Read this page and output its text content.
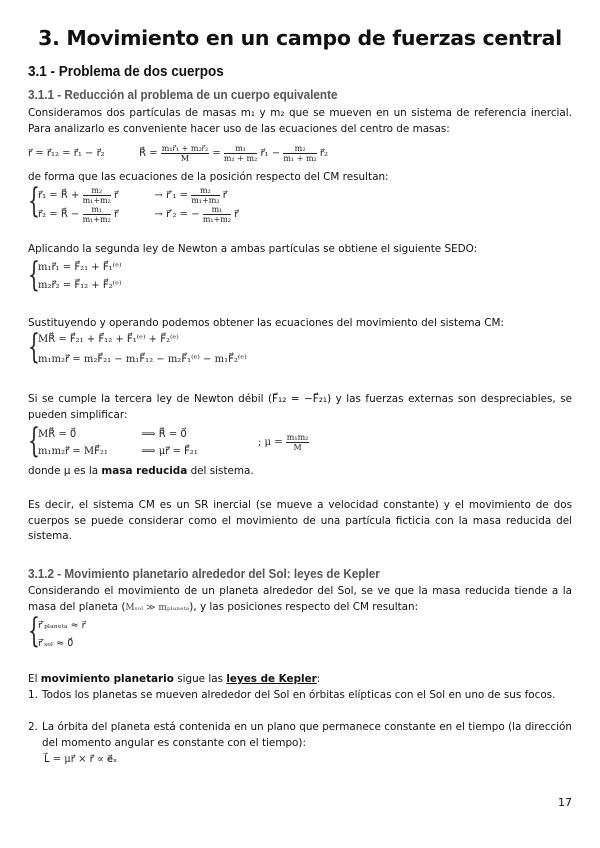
3. Movimiento en un campo de fuerzas central
3.1 - Problema de dos cuerpos
3.1.1 - Reducción al problema de un cuerpo equivalente
Consideramos dos partículas de masas m₁ y m₂ que se mueven en un sistema de referencia inercial. Para analizarlo es conveniente hacer uso de las ecuaciones del centro de masas:
r⃗ = r⃗₁₂ = r⃗₁ − r⃗₂	R⃗ = $\frac{\text{m₁r⃗₁ + m₂r⃗₂}}{M} = \frac{\text{m₁}}{\text{m₁ + m₂}}$ r⃗₁ − $\frac{\text{m₂}}{\text{m₁ + m₂}}$ r⃗₂
de forma que las ecuaciones de la posición respecto del CM resultan:
{
r⃗₁ = R⃗ + $\frac{\text{m₂}}{\text{m₁+m₂}}$ r⃗	→ r⃗′₁ = $\frac{\text{m₂}}{\text{m₁+m₂}}$ r⃗
r⃗₂ = R⃗ − $\frac{\text{m₁}}{\text{m₁+m₂}}$ r⃗	→ r⃗′₂ = − $\frac{\text{m₁}}{\text{m₁+m₂}}$ r⃗
Aplicando la segunda ley de Newton a ambas partículas se obtiene el siguiente SEDO:
{
m₁r⃗̈₁ = F⃗₂₁ + F⃗₁⁽ᵉ⁾
m₂r⃗̈₂ = F⃗₁₂ + F⃗₂⁽ᵉ⁾
Sustituyendo y operando podemos obtener las ecuaciones del movimiento del sistema CM:
{
MR⃗̈ = F⃗₂₁ + F⃗₁₂ + F⃗₁⁽ᵉ⁾ + F⃗₂⁽ᵉ⁾
m₁m₂r⃗̈ = m₂F⃗₂₁ − m₁F⃗₁₂ − m₂F⃗₁⁽ᵉ⁾ − m₁F⃗₂⁽ᵉ⁾
Si se cumple la tercera ley de Newton débil (F⃗₁₂ = −F⃗₂₁) y las fuerzas externas son despreciables, se pueden simplificar:
{
MR⃗̈ = 0⃗	⟹ R⃗̈ = 0⃗
m₁m₂r⃗̈ = MF⃗₂₁	⟹ μr⃗̈ = F⃗₂₁
; $\mu = \frac{\text{m₁m₂}}{M}$
donde μ es la masa reducida del sistema.
Es decir, el sistema CM es un SR inercial (se mueve a velocidad constante) y el movimiento de dos cuerpos se puede considerar como el movimiento de una partícula ficticia con la masa reducida del sistema.
3.1.2 - Movimiento planetario alrededor del Sol: leyes de Kepler
Considerando el movimiento de un planeta alrededor del Sol, se ve que la masa reducida tiende a la masa del planeta (Mₛₒₗ ≫ mₚₗₐₙₑₜₐ), y las posiciones respecto del CM resultan:
{
r⃗′ₚₗₐₙₑₜₐ ≈ r⃗
r⃗′ₛₒₗ ≈ 0⃗
El movimiento planetario sigue las leyes de Kepler:
1. Todos los planetas se mueven alrededor del Sol en órbitas elípticas con el Sol en uno de sus focos.
2. La órbita del planeta está contenida en un plano que permanece constante en el tiempo (la dirección del momento angular es constante con el tiempo):
L⃗ = μr⃗ × r⃗̇ ∝ e⃗ₓ
17
